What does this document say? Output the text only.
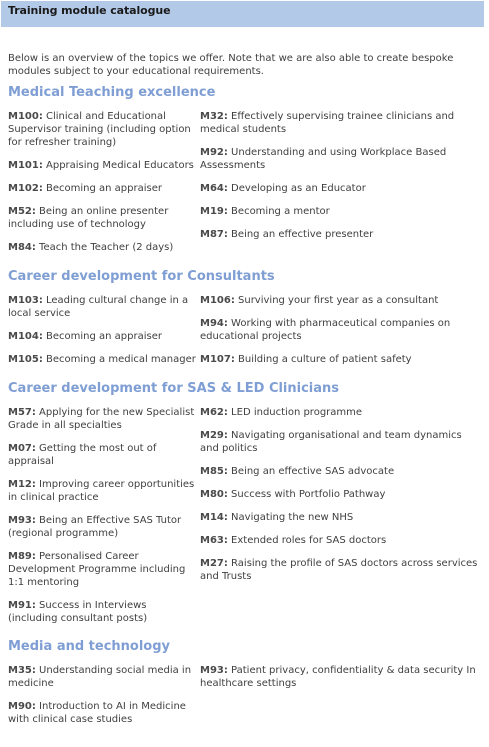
Training module catalogue
Below is an overview of the topics we offer. Note that we are also able to create bespoke modules subject to your educational requirements.
Medical Teaching excellence
M100: Clinical and Educational Supervisor training (including option for refresher training)
M101: Appraising Medical Educators
M102: Becoming an appraiser
M52: Being an online presenter including use of technology
M84: Teach the Teacher (2 days)
M32: Effectively supervising trainee clinicians and medical students
M92: Understanding and using Workplace Based Assessments
M64: Developing as an Educator
M19: Becoming a mentor
M87: Being an effective presenter
Career development for Consultants
M103: Leading cultural change in a local service
M104: Becoming an appraiser
M105: Becoming a medical manager
M106: Surviving your first year as a consultant
M94: Working with pharmaceutical companies on educational projects
M107: Building a culture of patient safety
Career development for SAS & LED Clinicians
M57: Applying for the new Specialist Grade in all specialties
M07: Getting the most out of appraisal
M12: Improving career opportunities in clinical practice
M93: Being an Effective SAS Tutor (regional programme)
M89: Personalised Career Development Programme including 1:1 mentoring
M91: Success in Interviews (including consultant posts)
M62: LED induction programme
M29: Navigating organisational and team dynamics and politics
M85: Being an effective SAS advocate
M80: Success with Portfolio Pathway
M14: Navigating the new NHS
M63: Extended roles for SAS doctors
M27: Raising the profile of SAS doctors across services and Trusts
Media and technology
M35: Understanding social media in medicine
M90: Introduction to AI in Medicine with clinical case studies
M93: Patient privacy, confidentiality & data security In healthcare settings
